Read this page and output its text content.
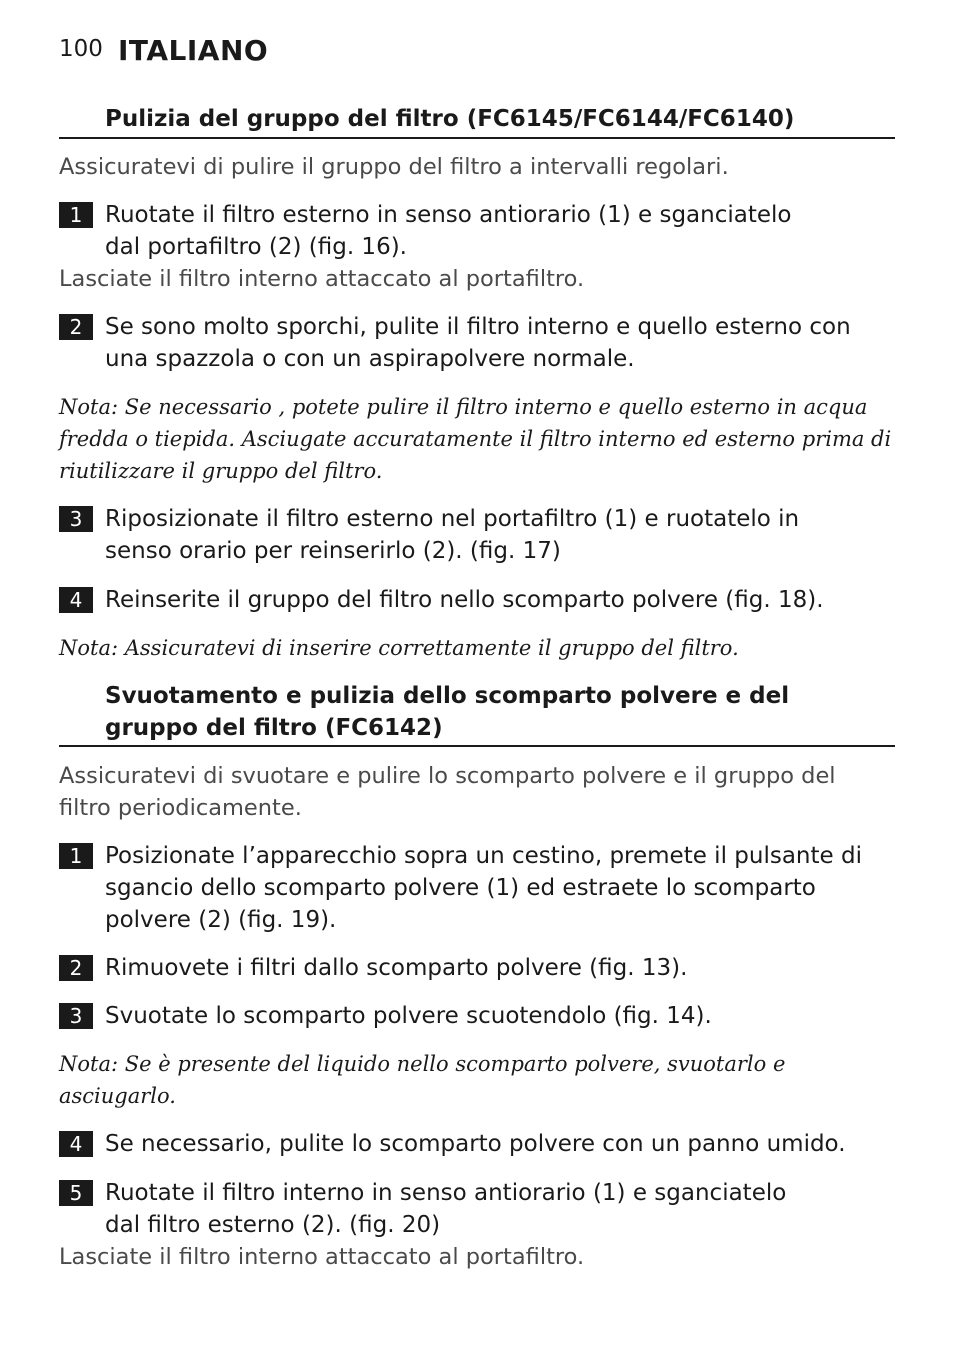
100 ITALIANO
Pulizia del gruppo del filtro (FC6145/FC6144/FC6140)
Assicuratevi di pulire il gruppo del filtro a intervalli regolari.
1 Ruotate il filtro esterno in senso antiorario (1) e sganciatelo
dal portafiltro (2) (fig. 16).
Lasciate il filtro interno attaccato al portafiltro.
2 Se sono molto sporchi, pulite il filtro interno e quello esterno con
una spazzola o con un aspirapolvere normale.
Nota: Se necessario , potete pulire il filtro interno e quello esterno in acqua
fredda o tiepida. Asciugate accuratamente il filtro interno ed esterno prima di
riutilizzare il gruppo del filtro.
3 Riposizionate il filtro esterno nel portafiltro (1) e ruotatelo in
senso orario per reinserirlo (2). (fig. 17)
4 Reinserite il gruppo del filtro nello scomparto polvere (fig. 18).
Nota: Assicuratevi di inserire correttamente il gruppo del filtro.
Svuotamento e pulizia dello scomparto polvere e del
gruppo del filtro (FC6142)
Assicuratevi di svuotare e pulire lo scomparto polvere e il gruppo del
filtro periodicamente.
1 Posizionate l’apparecchio sopra un cestino, premete il pulsante di
sgancio dello scomparto polvere (1) ed estraete lo scomparto
polvere (2) (fig. 19).
2 Rimuovete i filtri dallo scomparto polvere (fig. 13).
3 Svuotate lo scomparto polvere scuotendolo (fig. 14).
Nota: Se è presente del liquido nello scomparto polvere, svuotarlo e
asciugarlo.
4 Se necessario, pulite lo scomparto polvere con un panno umido.
5 Ruotate il filtro interno in senso antiorario (1) e sganciatelo
dal filtro esterno (2). (fig. 20)
Lasciate il filtro interno attaccato al portafiltro.
